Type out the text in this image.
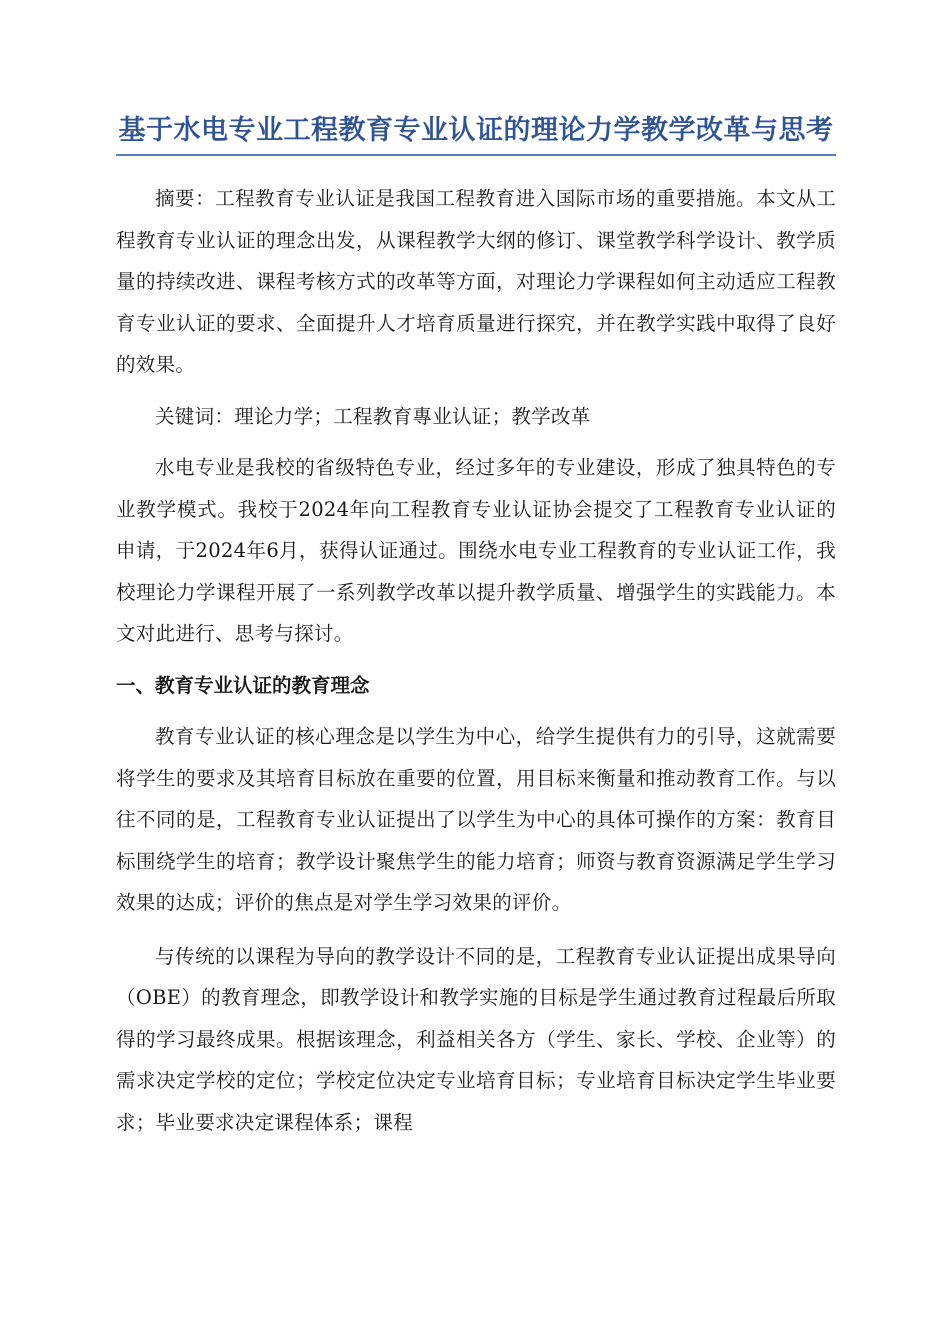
基于水电专业工程教育专业认证的理论力学教学改革与思考

摘要：工程教育专业认证是我国工程教育进入国际市场的重要措施。本文从工程教育专业认证的理念出发，从课程教学大纲的修订、课堂教学科学设计、教学质量的持续改进、课程考核方式的改革等方面，对理论力学课程如何主动适应工程教育专业认证的要求、全面提升人才培育质量进行探究，并在教学实践中取得了良好的效果。

关键词：理论力学；工程教育專业认证；教学改革

水电专业是我校的省级特色专业，经过多年的专业建设，形成了独具特色的专业教学模式。我校于2024年向工程教育专业认证协会提交了工程教育专业认证的申请，于2024年6月，获得认证通过。围绕水电专业工程教育的专业认证工作，我校理论力学课程开展了一系列教学改革以提升教学质量、增强学生的实践能力。本文对此进行、思考与探讨。

一、教育专业认证的教育理念

教育专业认证的核心理念是以学生为中心，给学生提供有力的引导，这就需要将学生的要求及其培育目标放在重要的位置，用目标来衡量和推动教育工作。与以往不同的是，工程教育专业认证提出了以学生为中心的具体可操作的方案：教育目标围绕学生的培育；教学设计聚焦学生的能力培育；师资与教育资源满足学生学习效果的达成；评价的焦点是对学生学习效果的评价。

与传统的以课程为导向的教学设计不同的是，工程教育专业认证提出成果导向（OBE）的教育理念，即教学设计和教学实施的目标是学生通过教育过程最后所取得的学习最终成果。根据该理念，利益相关各方（学生、家长、学校、企业等）的需求决定学校的定位；学校定位决定专业培育目标；专业培育目标决定学生毕业要求；毕业要求决定课程体系；课程
